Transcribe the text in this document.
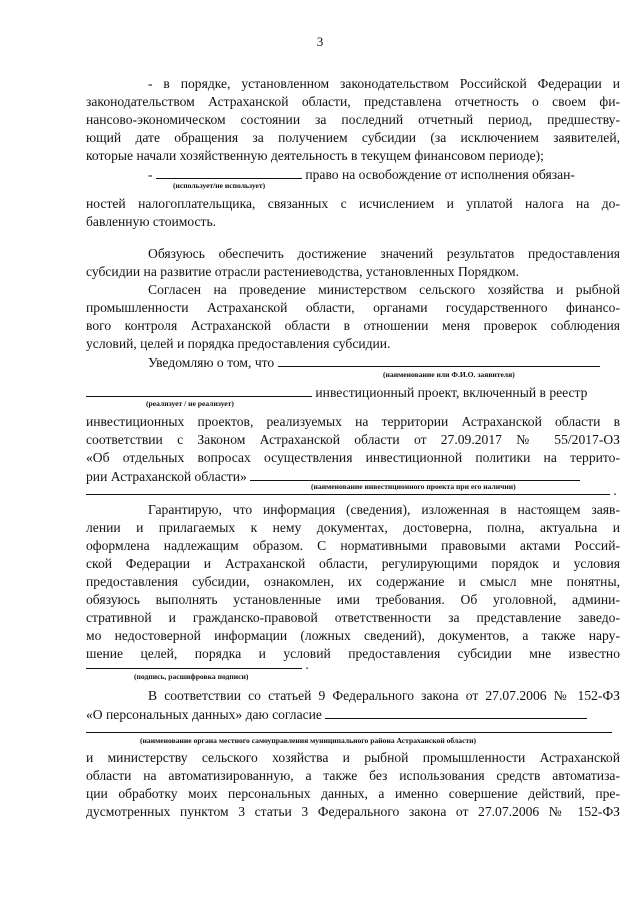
3
- в порядке, установленном законодательством Российской Федерации и
законодательством Астраханской области, представлена отчетность о своем фи-
нансово-экономическом состоянии за последний отчетный период, предшеству-
ющий дате обращения за получением субсидии (за исключением заявителей,
которые начали хозяйственную деятельность в текущем финансовом периоде);
-	право на освобождение от исполнения обязан-
(использует/не использует)
ностей налогоплательщика, связанных с исчислением и уплатой налога на до-
бавленную стоимость.
Обязуюсь обеспечить достижение значений результатов предоставления
субсидии на развитие отрасли растениеводства, установленных Порядком.
Согласен на проведение министерством сельского хозяйства и рыбной
промышленности Астраханской области, органами государственного финансо-
вого контроля Астраханской области в отношении меня проверок соблюдения
условий, целей и порядка предоставления субсидии.
Уведомляю о том, что
(наименование или Ф.И.О. заявителя)
инвестиционный проект, включенный в реестр
(реализует / не реализует)
инвестиционных проектов, реализуемых на территории Астраханской области в
соответствии с Законом Астраханской области от 27.09.2017 № 55/2017-ОЗ
«Об отдельных вопросах осуществления инвестиционной политики на террито-
рии Астраханской области»
(наименование инвестиционного проекта при его наличии)	.
Гарантирую, что информация (сведения), изложенная в настоящем заяв-
лении и прилагаемых к нему документах, достоверна, полна, актуальна и
оформлена надлежащим образом. С нормативными правовыми актами Россий-
ской Федерации и Астраханской области, регулирующими порядок и условия
предоставления субсидии, ознакомлен, их содержание и смысл мне понятны,
обязуюсь выполнять установленные ими требования. Об уголовной, админи-
стративной и гражданско-правовой ответственности за представление заведо-
мо недостоверной информации (ложных сведений), документов, а также нару-
шение целей, порядка и условий предоставления субсидии мне известно
.
(подпись, расшифровка подписи)
В соответствии со статьей 9 Федерального закона от 27.07.2006 № 152-ФЗ
«О персональных данных» даю согласие
(наименование органа местного самоуправления муниципального района Астраханской области)
и министерству сельского хозяйства и рыбной промышленности Астраханской
области на автоматизированную, а также без использования средств автоматиза-
ции обработку моих персональных данных, а именно совершение действий, пре-
дусмотренных пунктом 3 статьи 3 Федерального закона от 27.07.2006 № 152-ФЗ
